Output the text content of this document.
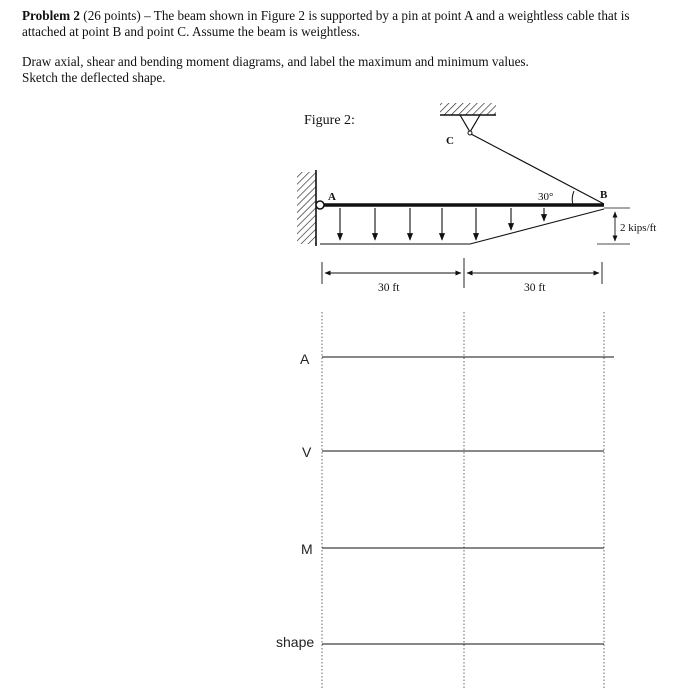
Problem 2 (26 points) – The beam shown in Figure 2 is supported by a pin at point A and a weightless cable that is attached at point B and point C. Assume the beam is weightless.

Draw axial, shear and bending moment diagrams, and label the maximum and minimum values.

Sketch the deflected shape.

Figure 2:
C
A	B
30°
2 kips/ft
30 ft	30 ft
A
V
M
shape
